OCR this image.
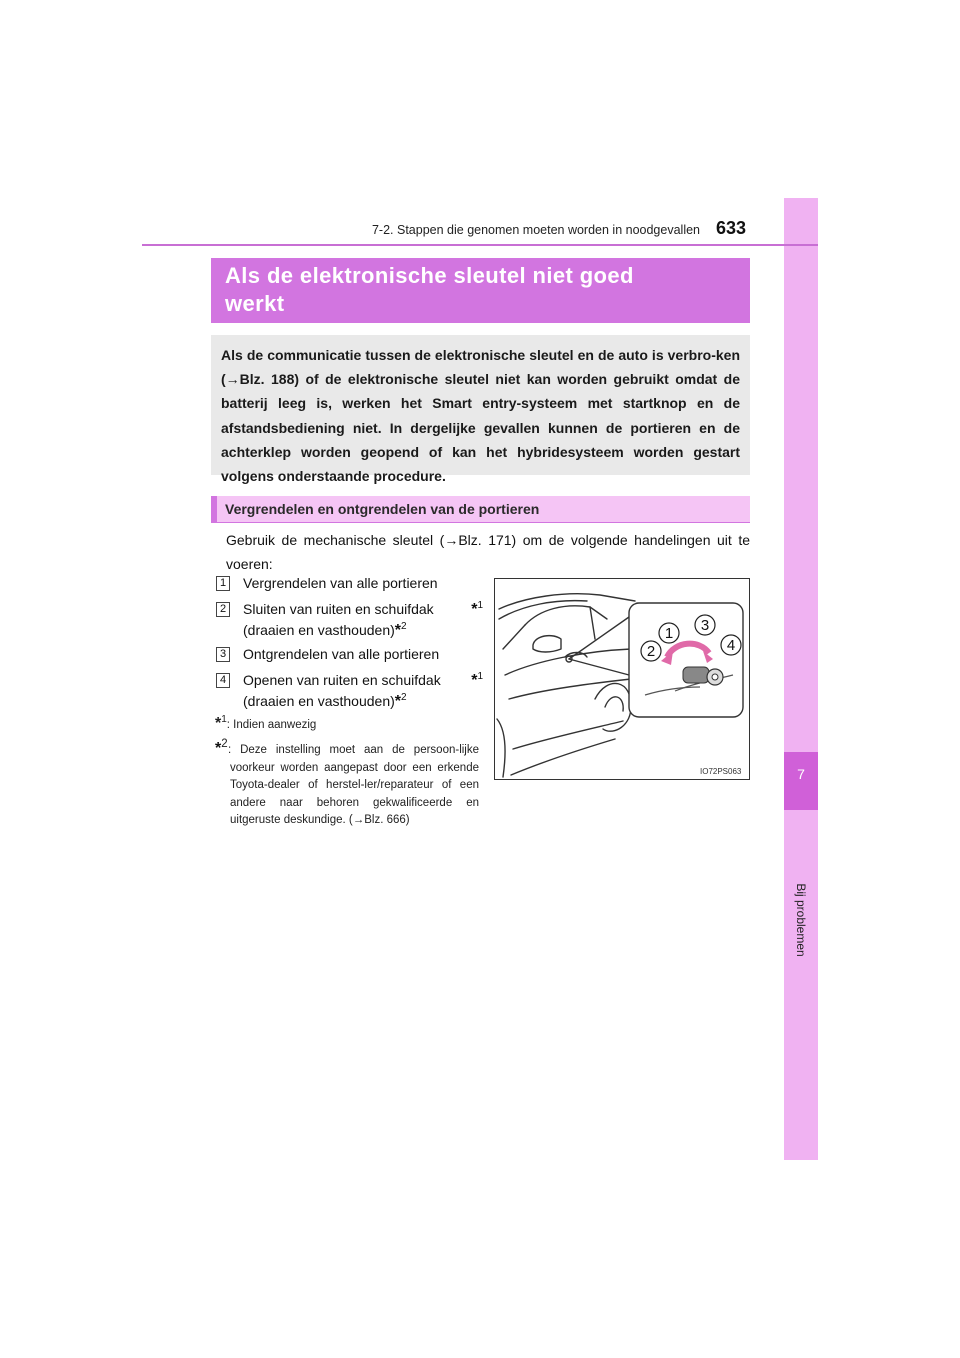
7
Bij problemen
7-2. Stappen die genomen moeten worden in noodgevallen 633
Als de elektronische sleutel niet goed
werkt

Als de communicatie tussen de elektronische sleutel en de auto is verbro-ken (→Blz. 188) of de elektronische sleutel niet kan worden gebruikt omdat de batterij leeg is, werken het Smart entry-systeem met startknop en de afstandsbediening niet. In dergelijke gevallen kunnen de portieren en de achterklep worden geopend of kan het hybridesysteem worden gestart volgens onderstaande procedure.

Vergrendelen en ontgrendelen van de portieren
Gebruik de mechanische sleutel (→Blz. 171) om de volgende handelingen uit te voeren:
1 Vergrendelen van alle portieren
2 Sluiten van ruiten en schuifdak *$^1$
(draaien en vasthouden)*$^2$
3 Ontgrendelen van alle portieren
4 Openen van ruiten en schuifdak *$^1$
(draaien en vasthouden)*$^2$
*1: Indien aanwezig
*$^2$ : Deze instelling moet aan de persoon-lijke voorkeur worden aangepast door een erkende Toyota-dealer of herstel-ler/reparateur of een andere naar behoren gekwalificeerde en uitgeruste deskundige. (→Blz. 666)
1
2
3
4
IO72PS063
